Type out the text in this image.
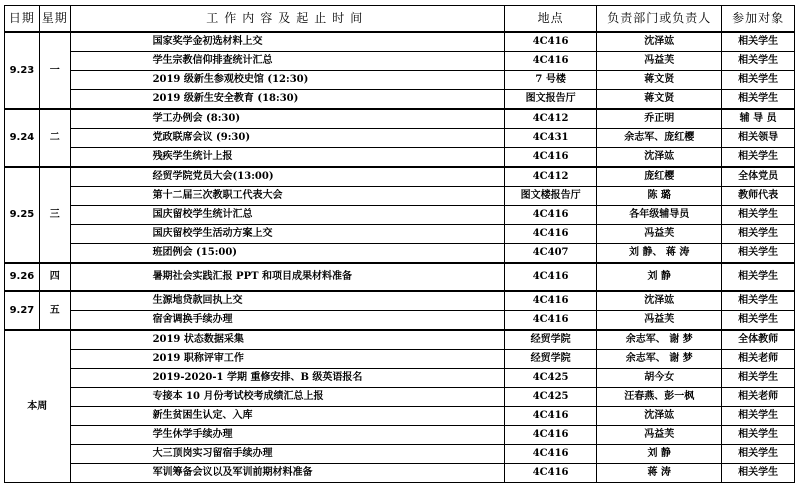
日期	星期	工作内容及起止时间	地点	负责部门或负责人	参加对象
9.23	一	国家奖学金初选材料上交	4C416	沈泽竑	相关学生
		学生宗教信仰排查统计汇总	4C416	冯益芙	相关学生
		2019 级新生参观校史馆 (12:30)	7 号楼	蒋文贤	相关学生
		2019 级新生安全教育 (18:30)	图文报告厅	蒋文贤	相关学生
9.24	二	学工办例会 (8:30)	4C412	乔正明	辅 导 员
		党政联席会议 (9:30)	4C431	余志军、庞红樱	相关领导
		残疾学生统计上报	4C416	沈泽竑	相关学生
9.25	三	经贸学院党员大会(13:00)	4C412	庞红樱	全体党员
		第十二届三次教职工代表大会	图文楼报告厅	陈 璐	教师代表
		国庆留校学生统计汇总	4C416	各年级辅导员	相关学生
		国庆留校学生活动方案上交	4C416	冯益芙	相关学生
		班团例会 (15:00)	4C407	刘 静、 蒋 涛	相关学生
9.26	四	暑期社会实践汇报 PPT 和项目成果材料准备	4C416	刘 静	相关学生
9.27	五	生源地贷款回执上交	4C416	沈泽竑	相关学生
		宿舍调换手续办理	4C416	冯益芙	相关学生
本周		2019 状态数据采集	经贸学院	余志军、 谢 梦	全体教师
		2019 职称评审工作	经贸学院	余志军、 谢 梦	相关老师
		2019-2020-1 学期 重修安排、B 级英语报名	4C425	胡今女	相关学生
		专接本 10 月份考试校考成绩汇总上报	4C425	汪春燕、彭一枫	相关老师
		新生贫困生认定、入库	4C416	沈泽竑	相关学生
		学生休学手续办理	4C416	冯益芙	相关学生
		大三顶岗实习留宿手续办理	4C416	刘 静	相关学生
		军训筹备会议以及军训前期材料准备	4C416	蒋 涛	相关学生
